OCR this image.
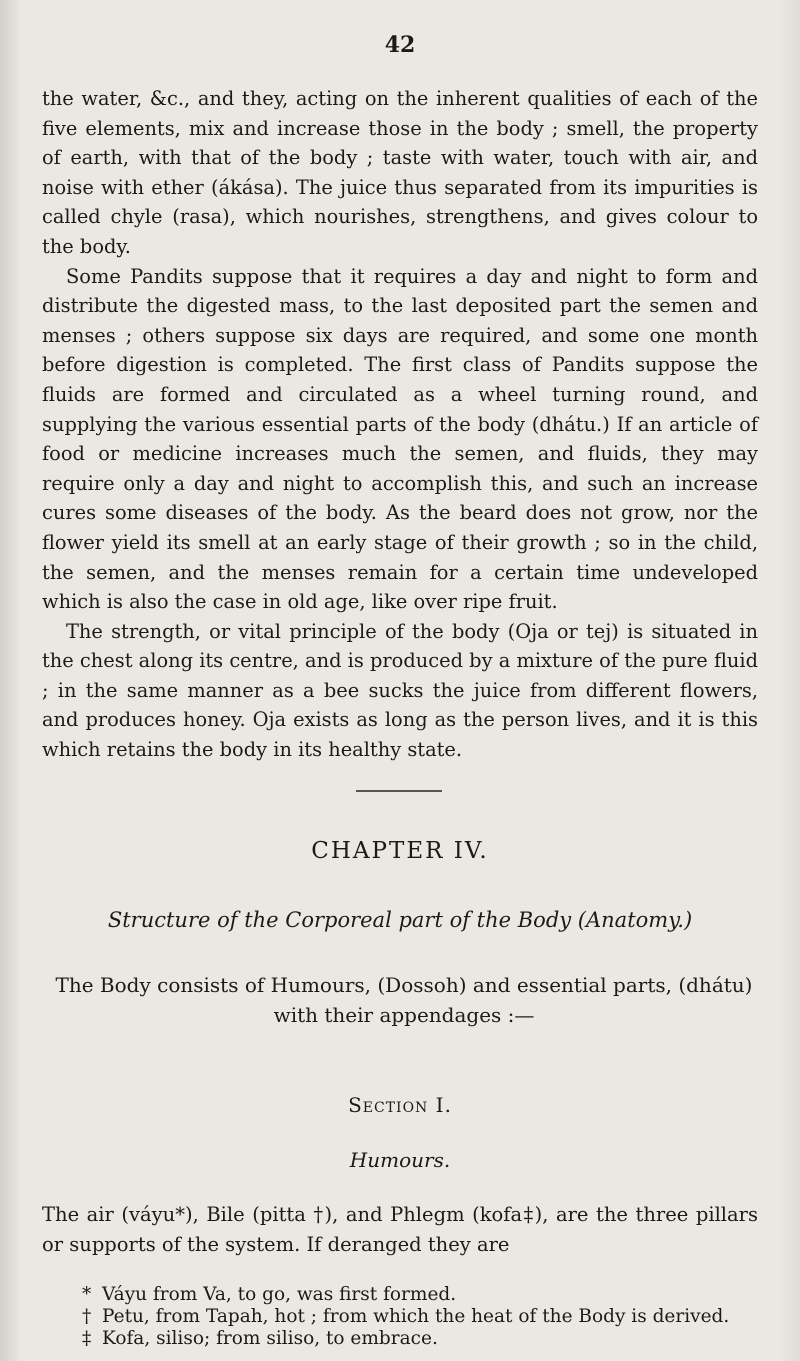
42

the water, &c., and they, acting on the inherent qualities of each of the five elements, mix and increase those in the body ; smell, the property of earth, with that of the body ; taste with water, touch with air, and noise with ether (ákása). The juice thus separated from its impurities is called chyle (rasa), which nourishes, strengthens, and gives colour to the body.

Some Pandits suppose that it requires a day and night to form and distribute the digested mass, to the last deposited part the semen and menses ; others suppose six days are required, and some one month before digestion is completed. The first class of Pandits suppose the fluids are formed and circulated as a wheel turning round, and supplying the various essential parts of the body (dhátu.) If an article of food or medicine increases much the semen, and fluids, they may require only a day and night to accomplish this, and such an increase cures some diseases of the body. As the beard does not grow, nor the flower yield its smell at an early stage of their growth ; so in the child, the semen, and the menses remain for a certain time undeveloped which is also the case in old age, like over ripe fruit.

The strength, or vital principle of the body (Oja or tej) is situated in the chest along its centre, and is produced by a mixture of the pure fluid ; in the same manner as a bee sucks the juice from different flowers, and produces honey. Oja exists as long as the person lives, and it is this which retains the body in its healthy state.

CHAPTER IV.
Structure of the Corporeal part of the Body (Anatomy.)
The Body consists of Humours, (Dossoh) and essential parts, (dhátu) with their appendages :—
Section I.
Humours.
The air (váyu*), Bile (pitta †), and Phlegm (kofa‡), are the three pillars or supports of the system. If deranged they are
* Váyu from Va, to go, was first formed.
† Petu, from Tapah, hot ; from which the heat of the Body is derived.
‡ Kofa, siliso; from siliso, to embrace.
